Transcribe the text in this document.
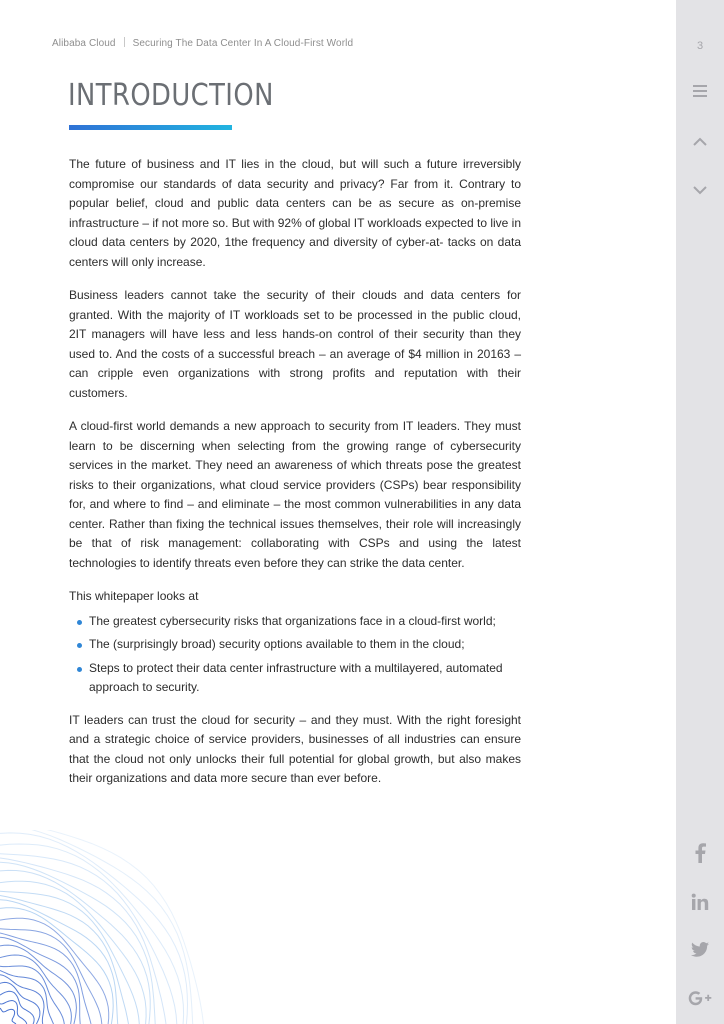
Alibaba Cloud Securing The Data Center In A Cloud-First World
INTRODUCTION

The future of business and IT lies in the cloud, but will such a future irreversibly compromise our standards of data security and privacy? Far from it. Contrary to popular belief, cloud and public data centers can be as secure as on-premise infrastructure – if not more so. But with 92% of global IT workloads expected to live in cloud data centers by 2020, 1the frequency and diversity of cyber-at- tacks on data centers will only increase.

Business leaders cannot take the security of their clouds and data centers for granted. With the majority of IT workloads set to be processed in the public cloud, 2IT managers will have less and less hands-on control of their security than they used to. And the costs of a successful breach – an average of $4 million in 20163 – can cripple even organizations with strong profits and reputation with their customers.

A cloud-first world demands a new approach to security from IT leaders. They must learn to be discerning when selecting from the growing range of cybersecurity services in the market. They need an awareness of which threats pose the greatest risks to their organizations, what cloud service providers (CSPs) bear responsibility for, and where to find – and eliminate – the most common vulnerabilities in any data center. Rather than fixing the technical issues themselves, their role will increasingly be that of risk management: collaborating with CSPs and using the latest technologies to identify threats even before they can strike the data center.

This whitepaper looks at

The greatest cybersecurity risks that organizations face in a cloud-first world;
The (surprisingly broad) security options available to them in the cloud;
Steps to protect their data center infrastructure with a multilayered, automated approach to security.

IT leaders can trust the cloud for security – and they must. With the right foresight and a strategic choice of service providers, businesses of all industries can ensure that the cloud not only unlocks their full potential for global growth, but also makes their organizations and data more secure than ever before.

3
